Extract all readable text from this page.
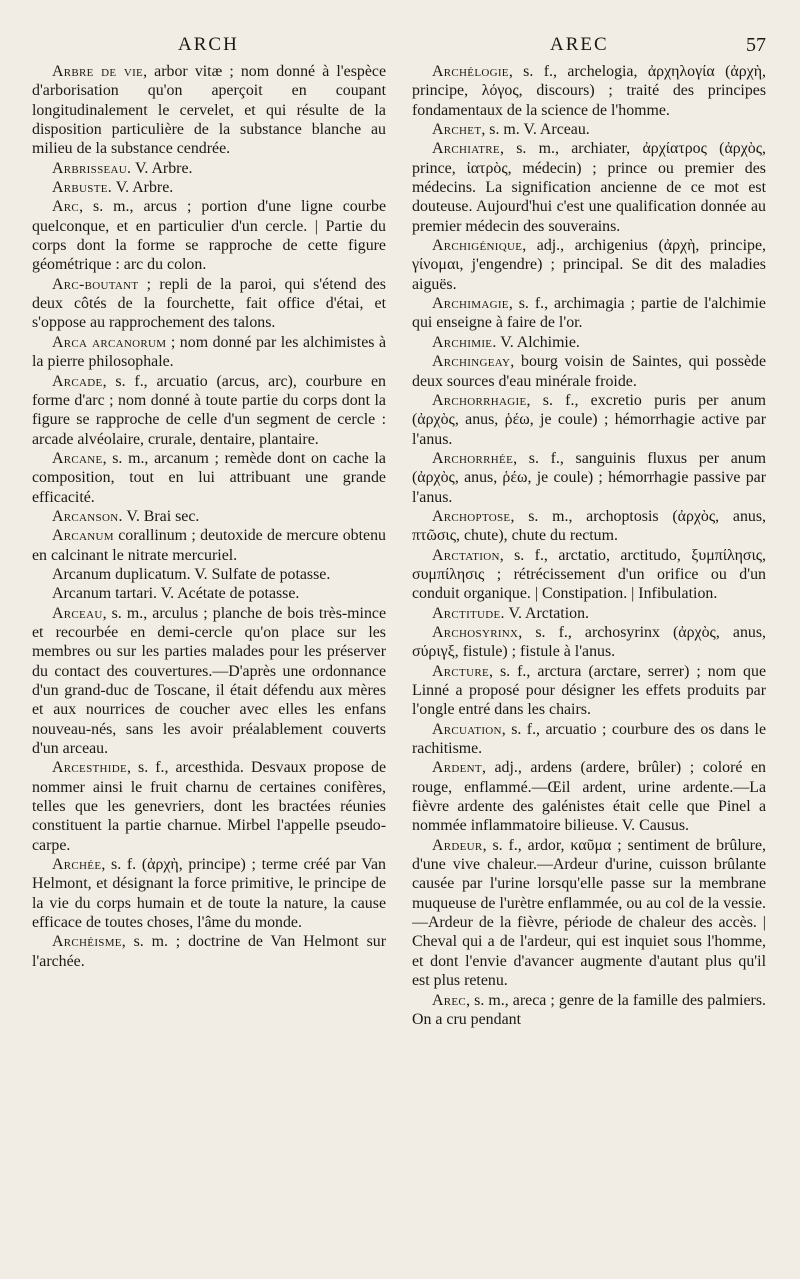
ARCH	AREC	57

Arbre de vie, arbor vitæ ; nom donné à l'espèce d'arborisation qu'on aperçoit en coupant longitudinalement le cervelet, et qui résulte de la disposition particulière de la substance blanche au milieu de la substance cendrée.

Arbrisseau. V. Arbre.

Arbuste. V. Arbre.

Arc, s. m., arcus ; portion d'une ligne courbe quelconque, et en particulier d'un cercle. | Partie du corps dont la forme se rapproche de cette figure géométrique : arc du colon.

Arc-boutant ; repli de la paroi, qui s'étend des deux côtés de la fourchette, fait office d'étai, et s'oppose au rapprochement des talons.

Arca arcanorum ; nom donné par les alchimistes à la pierre philosophale.

Arcade, s. f., arcuatio (arcus, arc), courbure en forme d'arc ; nom donné à toute partie du corps dont la figure se rapproche de celle d'un segment de cercle : arcade alvéolaire, crurale, dentaire, plantaire.

Arcane, s. m., arcanum ; remède dont on cache la composition, tout en lui attribuant une grande efficacité.

Arcanson. V. Brai sec.

Arcanum corallinum ; deutoxide de mercure obtenu en calcinant le nitrate mercuriel.

Arcanum duplicatum. V. Sulfate de potasse.

Arcanum tartari. V. Acétate de potasse.

Arceau, s. m., arculus ; planche de bois très-mince et recourbée en demi-cercle qu'on place sur les membres ou sur les parties malades pour les préserver du contact des couvertures.—D'après une ordonnance d'un grand-duc de Toscane, il était défendu aux mères et aux nourrices de coucher avec elles les enfans nouveau-nés, sans les avoir préalablement couverts d'un arceau.

Arcesthide, s. f., arcesthida. Desvaux propose de nommer ainsi le fruit charnu de certaines conifères, telles que les genevriers, dont les bractées réunies constituent la partie charnue. Mirbel l'appelle pseudo-carpe.

Archée, s. f. (ἀρχὴ, principe) ; terme créé par Van Helmont, et désignant la force primitive, le principe de la vie du corps humain et de toute la nature, la cause efficace de toutes choses, l'âme du monde.

Archéisme, s. m. ; doctrine de Van Helmont sur l'archée.

Archélogie, s. f., archelogia, ἀρχηλογία (ἀρχὴ, principe, λόγος, discours) ; traité des principes fondamentaux de la science de l'homme.

Archet, s. m. V. Arceau.

Archiatre, s. m., archiater, ἀρχίατρος (ἀρχὸς, prince, ἰατρὸς, médecin) ; prince ou premier des médecins. La signification ancienne de ce mot est douteuse. Aujourd'hui c'est une qualification donnée au premier médecin des souverains.

Archigénique, adj., archigenius (ἀρχὴ, principe, γίνομαι, j'engendre) ; principal. Se dit des maladies aiguës.

Archimagie, s. f., archimagia ; partie de l'alchimie qui enseigne à faire de l'or.

Archimie. V. Alchimie.

Archingeay, bourg voisin de Saintes, qui possède deux sources d'eau minérale froide.

Archorrhagie, s. f., excretio puris per anum (ἀρχὸς, anus, ῥέω, je coule) ; hémorrhagie active par l'anus.

Archorrhée, s. f., sanguinis fluxus per anum (ἀρχὸς, anus, ῥέω, je coule) ; hémorrhagie passive par l'anus.

Archoptose, s. m., archoptosis (ἀρχὸς, anus, πτῶσις, chute), chute du rectum.

Arctation, s. f., arctatio, arctitudo, ξυμπίλησις, συμπίλησις ; rétrécissement d'un orifice ou d'un conduit organique. | Constipation. | Infibulation.

Arctitude. V. Arctation.

Archosyrinx, s. f., archosyrinx (ἀρχὸς, anus, σύριγξ, fistule) ; fistule à l'anus.

Arcture, s. f., arctura (arctare, serrer) ; nom que Linné a proposé pour désigner les effets produits par l'ongle entré dans les chairs.

Arcuation, s. f., arcuatio ; courbure des os dans le rachitisme.

Ardent, adj., ardens (ardere, brûler) ; coloré en rouge, enflammé.—Œil ardent, urine ardente.—La fièvre ardente des galénistes était celle que Pinel a nommée inflammatoire bilieuse. V. Causus.

Ardeur, s. f., ardor, καῦμα ; sentiment de brûlure, d'une vive chaleur.—Ardeur d'urine, cuisson brûlante causée par l'urine lorsqu'elle passe sur la membrane muqueuse de l'urètre enflammée, ou au col de la vessie.—Ardeur de la fièvre, période de chaleur des accès. | Cheval qui a de l'ardeur, qui est inquiet sous l'homme, et dont l'envie d'avancer augmente d'autant plus qu'il est plus retenu.

Arec, s. m., areca ; genre de la famille des palmiers. On a cru pendant
